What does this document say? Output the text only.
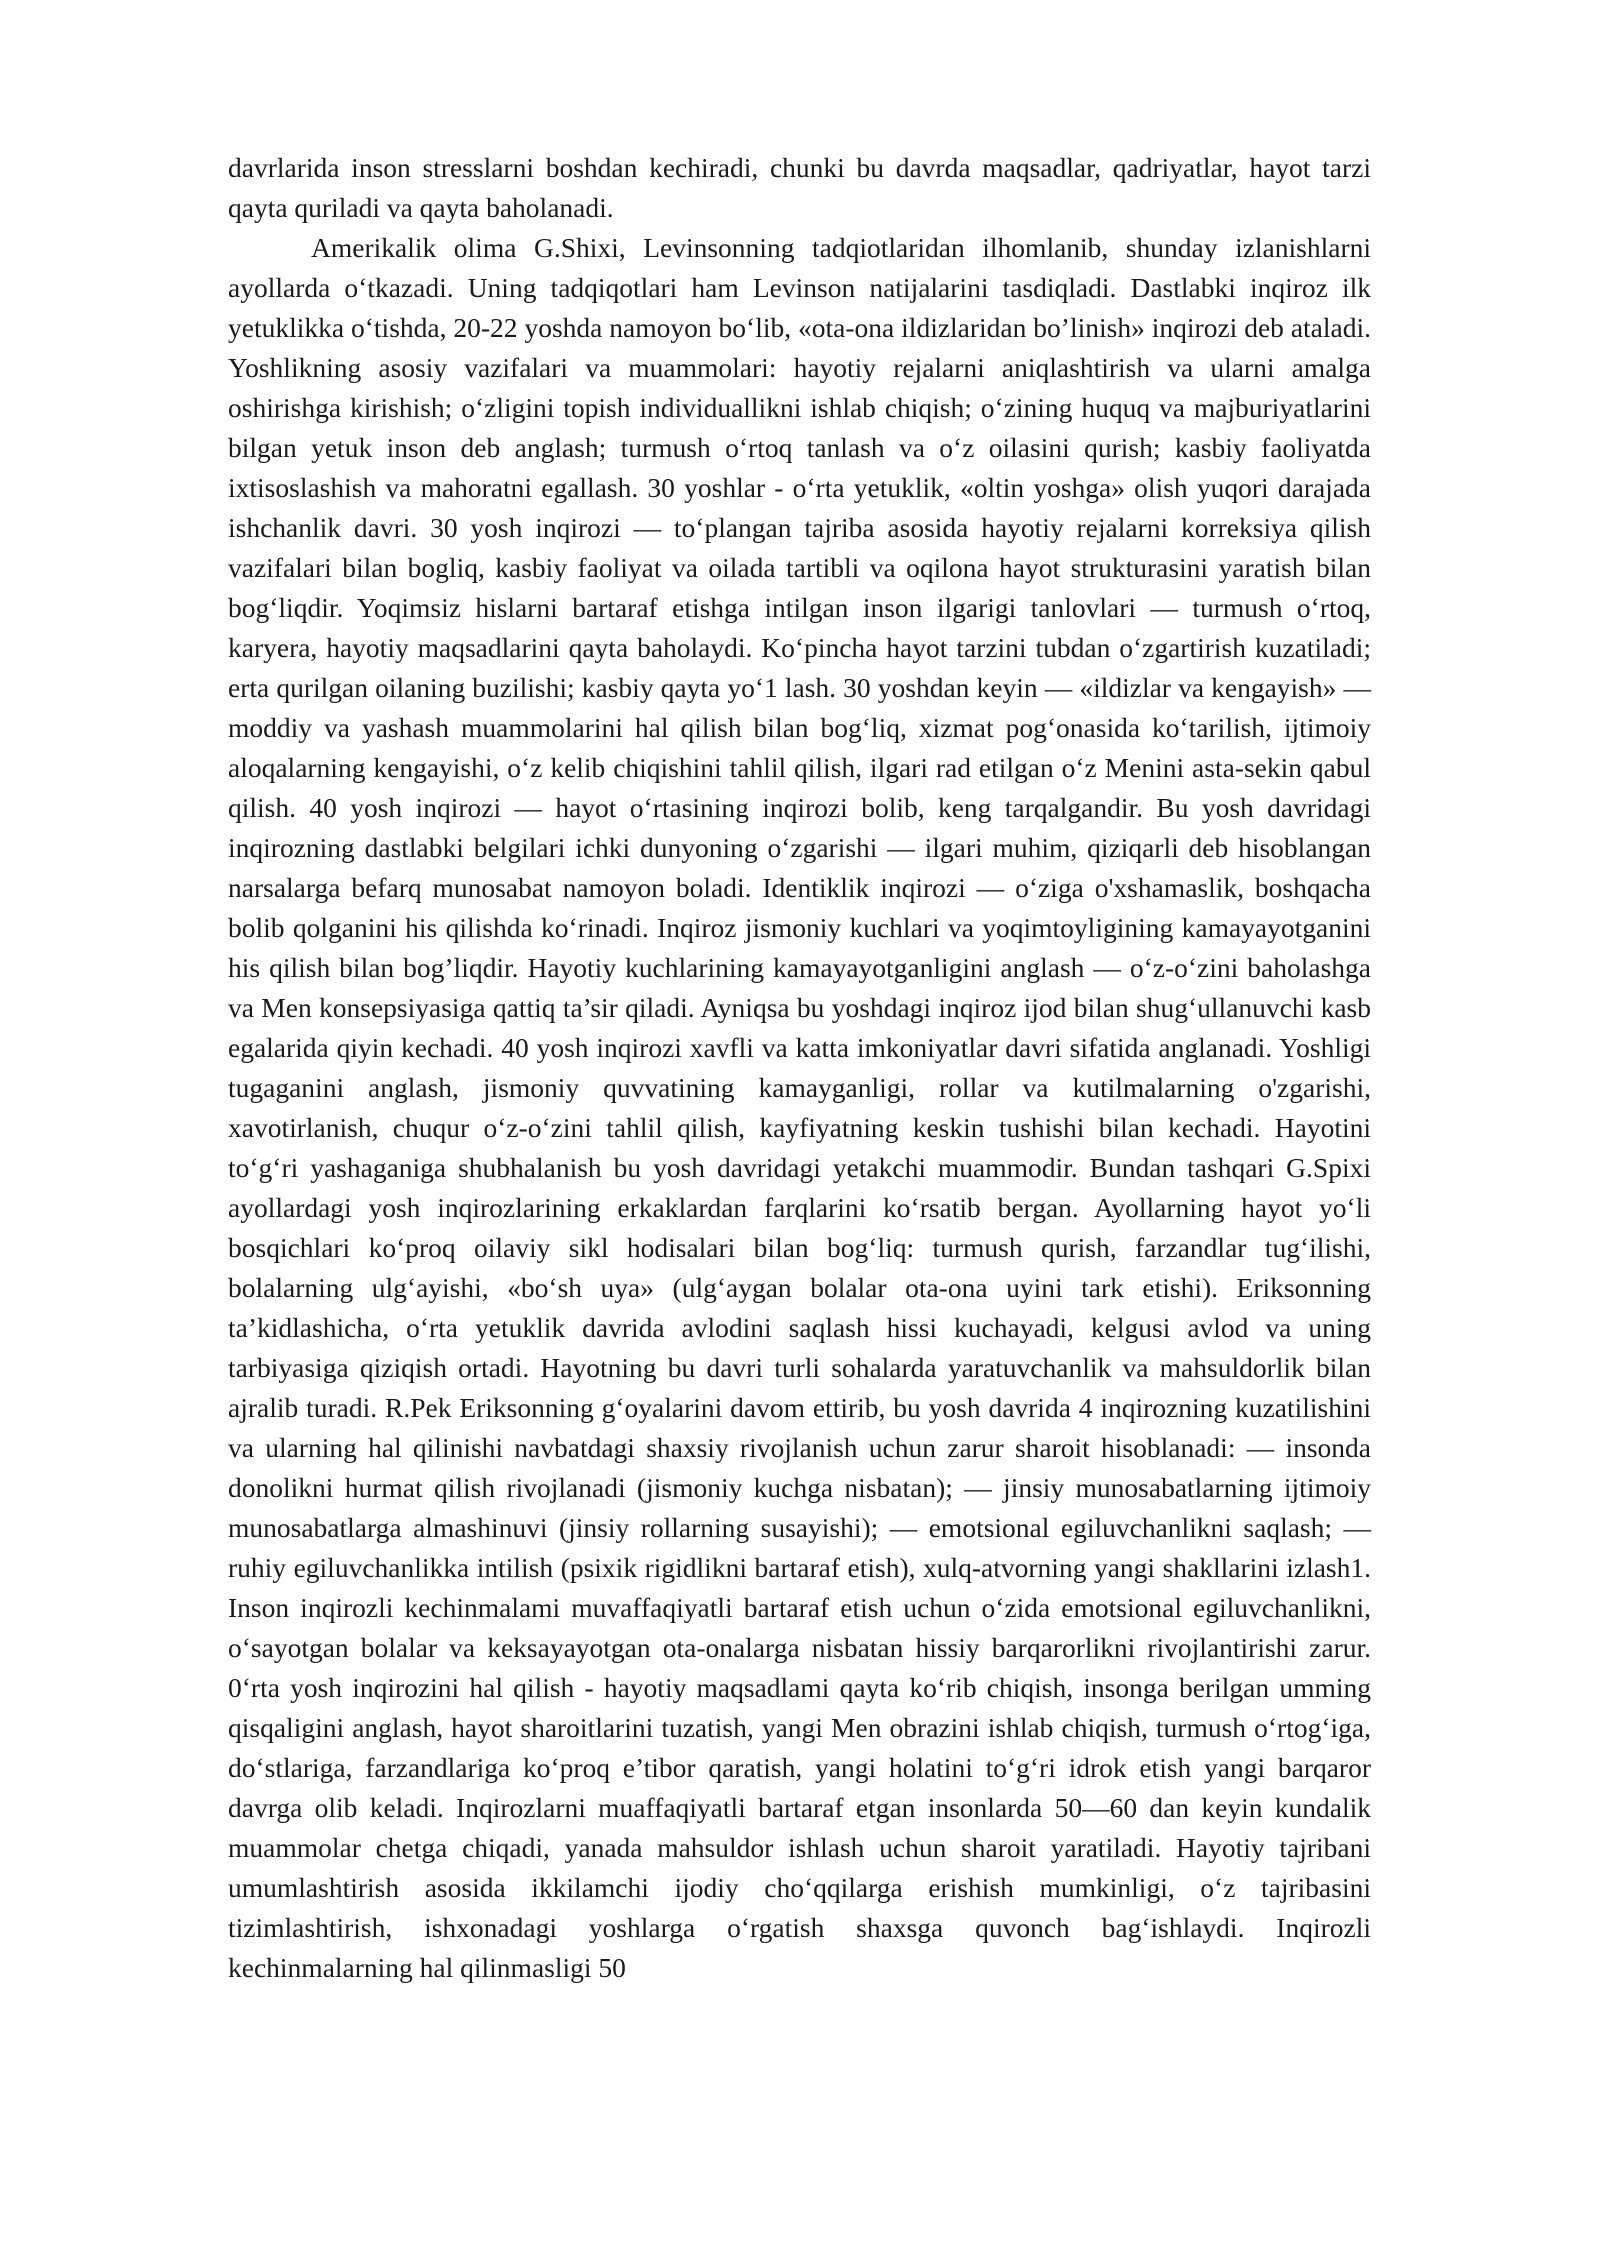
davrlarida inson stresslarni boshdan kechiradi, chunki bu davrda maqsadlar, qadriyatlar, hayot tarzi qayta quriladi va qayta baholanadi.

Amerikalik olima G.Shixi, Levinsonning tadqiotlaridan ilhomlanib, shunday izlanishlarni ayollarda o‘tkazadi. Uning tadqiqotlari ham Levinson natijalarini tasdiqladi. Dastlabki inqiroz ilk yetuklikka o‘tishda, 20-22 yoshda namoyon bo‘lib, «ota-ona ildizlaridan bo’linish» inqirozi deb ataladi. Yoshlikning asosiy vazifalari va muammolari: hayotiy rejalarni aniqlashtirish va ularni amalga oshirishga kirishish; o‘zligini topish individuallikni ishlab chiqish; o‘zining huquq va majburiyatlarini bilgan yetuk inson deb anglash; turmush o‘rtoq tanlash va o‘z oilasini qurish; kasbiy faoliyatda ixtisoslashish va mahoratni egallash. 30 yoshlar - o‘rta yetuklik, «oltin yoshga» olish yuqori darajada ishchanlik davri. 30 yosh inqirozi — to‘plangan tajriba asosida hayotiy rejalarni korreksiya qilish vazifalari bilan bogliq, kasbiy faoliyat va oilada tartibli va oqilona hayot strukturasini yaratish bilan bog‘liqdir. Yoqimsiz hislarni bartaraf etishga intilgan inson ilgarigi tanlovlari — turmush o‘rtoq, karyera, hayotiy maqsadlarini qayta baholaydi. Ko‘pincha hayot tarzini tubdan o‘zgartirish kuzatiladi; erta qurilgan oilaning buzilishi; kasbiy qayta yo‘1 lash. 30 yoshdan keyin — «ildizlar va kengayish» — moddiy va yashash muammolarini hal qilish bilan bog‘liq, xizmat pog‘onasida ko‘tarilish, ijtimoiy aloqalarning kengayishi, o‘z kelib chiqishini tahlil qilish, ilgari rad etilgan o‘z Menini asta-sekin qabul qilish. 40 yosh inqirozi — hayot o‘rtasining inqirozi bolib, keng tarqalgandir. Bu yosh davridagi inqirozning dastlabki belgilari ichki dunyoning o‘zgarishi — ilgari muhim, qiziqarli deb hisoblangan narsalarga befarq munosabat namoyon boladi. Identiklik inqirozi — o‘ziga o'xshamaslik, boshqacha bolib qolganini his qilishda ko‘rinadi. Inqiroz jismoniy kuchlari va yoqimtoyligining kamayayotganini his qilish bilan bog’liqdir. Hayotiy kuchlarining kamayayotganligini anglash — o‘z-o‘zini baholashga va Men konsepsiyasiga qattiq ta’sir qiladi. Ayniqsa bu yoshdagi inqiroz ijod bilan shug‘ullanuvchi kasb egalarida qiyin kechadi. 40 yosh inqirozi xavfli va katta imkoniyatlar davri sifatida anglanadi. Yoshligi tugaganini anglash, jismoniy quvvatining kamayganligi, rollar va kutilmalarning o'zgarishi, xavotirlanish, chuqur o‘z-o‘zini tahlil qilish, kayfiyatning keskin tushishi bilan kechadi. Hayotini to‘g‘ri yashaganiga shubhalanish bu yosh davridagi yetakchi muammodir. Bundan tashqari G.Spixi ayollardagi yosh inqirozlarining erkaklardan farqlarini ko‘rsatib bergan. Ayollarning hayot yo‘li bosqichlari ko‘proq oilaviy sikl hodisalari bilan bog‘liq: turmush qurish, farzandlar tug‘ilishi, bolalarning ulg‘ayishi, «bo‘sh uya» (ulg‘aygan bolalar ota-ona uyini tark etishi). Eriksonning ta’kidlashicha, o‘rta yetuklik davrida avlodini saqlash hissi kuchayadi, kelgusi avlod va uning tarbiyasiga qiziqish ortadi. Hayotning bu davri turli sohalarda yaratuvchanlik va mahsuldorlik bilan ajralib turadi. R.Pek Eriksonning g‘oyalarini davom ettirib, bu yosh davrida 4 inqirozning kuzatilishini va ularning hal qilinishi navbatdagi shaxsiy rivojlanish uchun zarur sharoit hisoblanadi: — insonda donolikni hurmat qilish rivojlanadi (jismoniy kuchga nisbatan); — jinsiy munosabatlarning ijtimoiy munosabatlarga almashinuvi (jinsiy rollarning susayishi); — emotsional egiluvchanlikni saqlash; — ruhiy egiluvchanlikka intilish (psixik rigidlikni bartaraf etish), xulq-atvorning yangi shakllarini izlash1. Inson inqirozli kechinmalami muvaffaqiyatli bartaraf etish uchun o‘zida emotsional egiluvchanlikni, o‘sayotgan bolalar va keksayayotgan ota-onalarga nisbatan hissiy barqarorlikni rivojlantirishi zarur. 0‘rta yosh inqirozini hal qilish - hayotiy maqsadlami qayta ko‘rib chiqish, insonga berilgan umming qisqaligini anglash, hayot sharoitlarini tuzatish, yangi Men obrazini ishlab chiqish, turmush o‘rtog‘iga, do‘stlariga, farzandlariga ko‘proq e’tibor qaratish, yangi holatini to‘g‘ri idrok etish yangi barqaror davrga olib keladi. Inqirozlarni muaffaqiyatli bartaraf etgan insonlarda 50—60 dan keyin kundalik muammolar chetga chiqadi, yanada mahsuldor ishlash uchun sharoit yaratiladi. Hayotiy tajribani umumlashtirish asosida ikkilamchi ijodiy cho‘qqilarga erishish mumkinligi, o‘z tajribasini tizimlashtirish, ishxonadagi yoshlarga o‘rgatish shaxsga quvonch bag‘ishlaydi. Inqirozli kechinmalarning hal qilinmasligi 50
